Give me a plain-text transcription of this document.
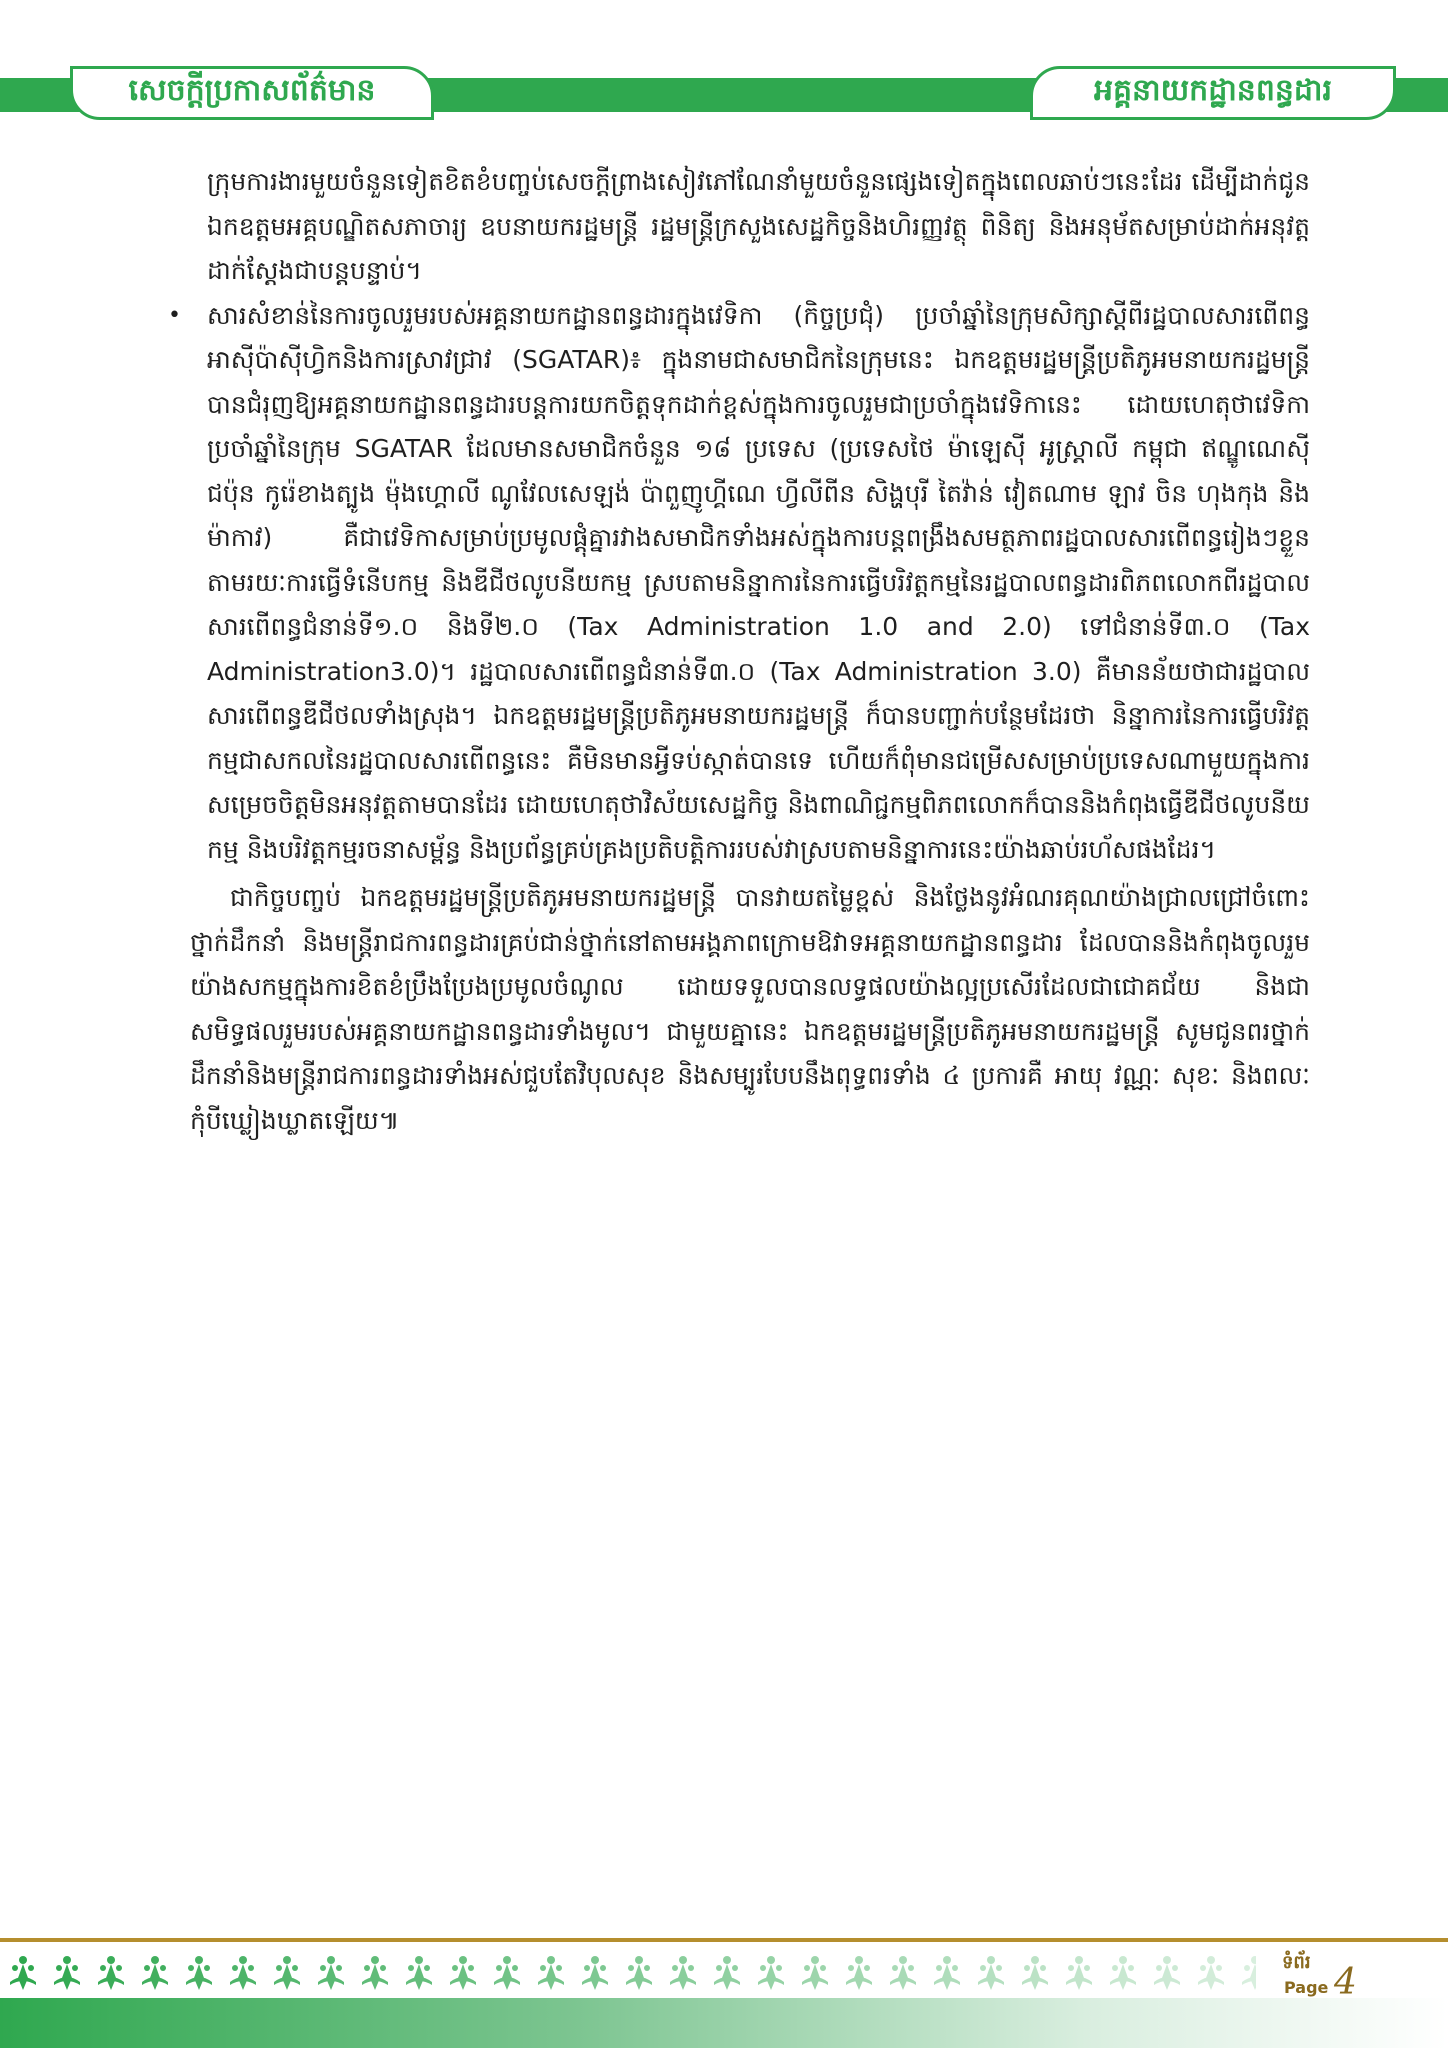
សេចក្តីប្រកាសព័ត៌មាន	អគ្គនាយកដ្ឋានពន្ធដារ

ក្រុមការងារមួយចំនួនទៀតខិតខំបញ្ចប់សេចក្ដីព្រាងសៀវភៅណែនាំមួយចំនួនផ្សេងទៀតក្នុងពេលឆាប់ៗនេះដែរ ដើម្បីដាក់ជូនឯកឧត្ដមអគ្គបណ្ឌិតសភាចារ្យ ឧបនាយករដ្ឋមន្ត្រី រដ្ឋមន្ត្រីក្រសួងសេដ្ឋកិច្ចនិងហិរញ្ញវត្ថុ ពិនិត្យ និងអនុម័តសម្រាប់ដាក់អនុវត្តដាក់ស្ដែងជាបន្តបន្ទាប់។

• សារសំខាន់នៃការចូលរួមរបស់អគ្គនាយកដ្ឋានពន្ធដារក្នុងវេទិកា (កិច្ចប្រជុំ) ប្រចាំឆ្នាំនៃក្រុមសិក្សាស្ដីពីរដ្ឋបាលសារពើពន្ធអាស៊ីប៉ាស៊ីហ្វិកនិងការស្រាវជ្រាវ (SGATAR)៖ ក្នុងនាមជាសមាជិកនៃក្រុមនេះ ឯកឧត្ដមរដ្ឋមន្ត្រីប្រតិភូអមនាយករដ្ឋមន្ត្រី បានជំរុញឱ្យអគ្គនាយកដ្ឋានពន្ធដារបន្តការយកចិត្តទុកដាក់ខ្ពស់ក្នុងការចូលរួមជាប្រចាំក្នុងវេទិកានេះ ដោយហេតុថាវេទិកាប្រចាំឆ្នាំនៃក្រុម SGATAR ដែលមានសមាជិកចំនួន ១៨ ប្រទេស (ប្រទេសថៃ ម៉ាឡេស៊ី អូស្ត្រាលី កម្ពុជា ឥណ្ឌូណេស៊ី ជប៉ុន កូរ៉េខាងត្បូង ម៉ុងហ្គោលី ណូវែលសេឡង់ ប៉ាពួញូហ្គីណេ ហ្វីលីពីន សិង្ហបុរី តៃវ៉ាន់ វៀតណាម ឡាវ ចិន ហុងកុង និងម៉ាកាវ) គឺជាវេទិកាសម្រាប់ប្រមូលផ្តុំគ្នារវាងសមាជិកទាំងអស់ក្នុងការបន្តពង្រឹងសមត្ថភាពរដ្ឋបាលសារពើពន្ធរៀងៗខ្លួន តាមរយៈការធ្វើទំនើបកម្ម និងឌីជីថលូបនីយកម្ម ស្របតាមនិន្នាការនៃការធ្វើបរិវត្តកម្មនៃរដ្ឋបាលពន្ធដារពិភពលោកពីរដ្ឋបាលសារពើពន្ធជំនាន់ទី១.០ និងទី២.០ (Tax Administration 1.0 and 2.0) ទៅជំនាន់ទី៣.០ (Tax Administration3.0)។ រដ្ឋបាលសារពើពន្ធជំនាន់ទី៣.០ (Tax Administration 3.0) គឺមានន័យថាជារដ្ឋបាលសារពើពន្ធឌីជីថលទាំងស្រុង។ ឯកឧត្ដមរដ្ឋមន្ត្រីប្រតិភូអមនាយករដ្ឋមន្ត្រី ក៏បានបញ្ជាក់បន្ថែមដែរថា និន្នាការនៃការធ្វើបរិវត្តកម្មជាសកលនៃរដ្ឋបាលសារពើពន្ធនេះ គឺមិនមានអ្វីទប់ស្កាត់បានទេ ហើយក៏ពុំមានជម្រើសសម្រាប់ប្រទេសណាមួយក្នុងការសម្រេចចិត្តមិនអនុវត្តតាមបានដែរ ដោយហេតុថាវិស័យសេដ្ឋកិច្ច និងពាណិជ្ជកម្មពិភពលោកក៏បាននិងកំពុងធ្វើឌីជីថលូបនីយកម្ម និងបរិវត្តកម្មរចនាសម្ព័ន្ធ និងប្រព័ន្ធគ្រប់គ្រងប្រតិបត្តិការរបស់វាស្របតាមនិន្នាការនេះយ៉ាងឆាប់រហ័សផងដែរ។

ជាកិច្ចបញ្ចប់ ឯកឧត្ដមរដ្ឋមន្ត្រីប្រតិភូអមនាយករដ្ឋមន្ត្រី បានវាយតម្លៃខ្ពស់ និងថ្លែងនូវអំណរគុណយ៉ាងជ្រាលជ្រៅចំពោះថ្នាក់ដឹកនាំ និងមន្ត្រីរាជការពន្ធដារគ្រប់ជាន់ថ្នាក់នៅតាមអង្គភាពក្រោមឱវាទអគ្គនាយកដ្ឋានពន្ធដារ ដែលបាននិងកំពុងចូលរួមយ៉ាងសកម្មក្នុងការខិតខំប្រឹងប្រែងប្រមូលចំណូល ដោយទទួលបានលទ្ធផលយ៉ាងល្អប្រសើរដែលជាជោគជ័យ និងជាសមិទ្ធផលរួមរបស់អគ្គនាយកដ្ឋានពន្ធដារទាំងមូល។ ជាមួយគ្នានេះ ឯកឧត្ដមរដ្ឋមន្ត្រីប្រតិភូអមនាយករដ្ឋមន្ត្រី សូមជូនពរថ្នាក់ដឹកនាំនិងមន្ត្រីរាជការពន្ធដារទាំងអស់ជួបតែវិបុលសុខ និងសម្បូរបែបនឹងពុទ្ធពរទាំង ៤ ប្រការគឺ អាយុ វណ្ណៈ សុខៈ និងពលៈ កុំបីឃ្លៀងឃ្លាតឡើយ៕

ទំព័រ
Page 4
